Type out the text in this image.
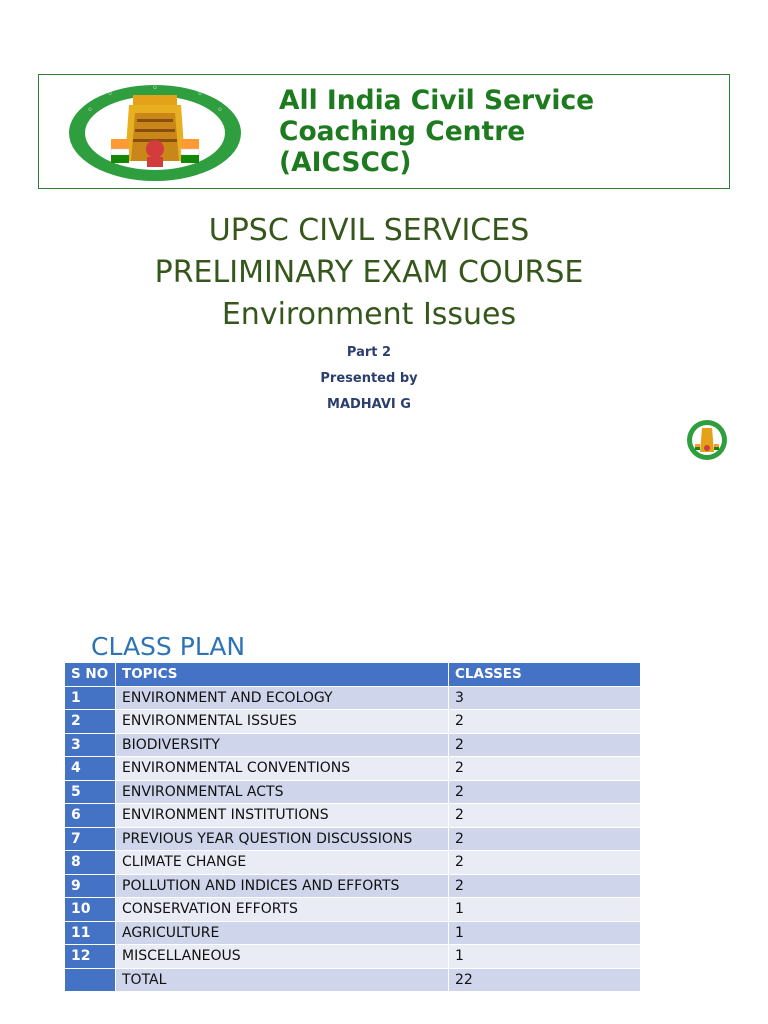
◦
◦
◦
◦
◦ All India Civil Service
Coaching Centre
(AICSCC)
UPSC CIVIL SERVICES
PRELIMINARY EXAM COURSE
Environment Issues
Part 2
Presented by
MADHAVI G
CLASS PLAN
S NO	TOPICS	CLASSES
1	ENVIRONMENT AND ECOLOGY	3
2	ENVIRONMENTAL ISSUES	2
3	BIODIVERSITY	2
4	ENVIRONMENTAL CONVENTIONS	2
5	ENVIRONMENTAL ACTS	2
6	ENVIRONMENT INSTITUTIONS	2
7	PREVIOUS YEAR QUESTION DISCUSSIONS	2
8	CLIMATE CHANGE	2
9	POLLUTION AND INDICES AND EFFORTS	2
10	CONSERVATION EFFORTS	1
11	AGRICULTURE	1
12	MISCELLANEOUS	1
	TOTAL	22
